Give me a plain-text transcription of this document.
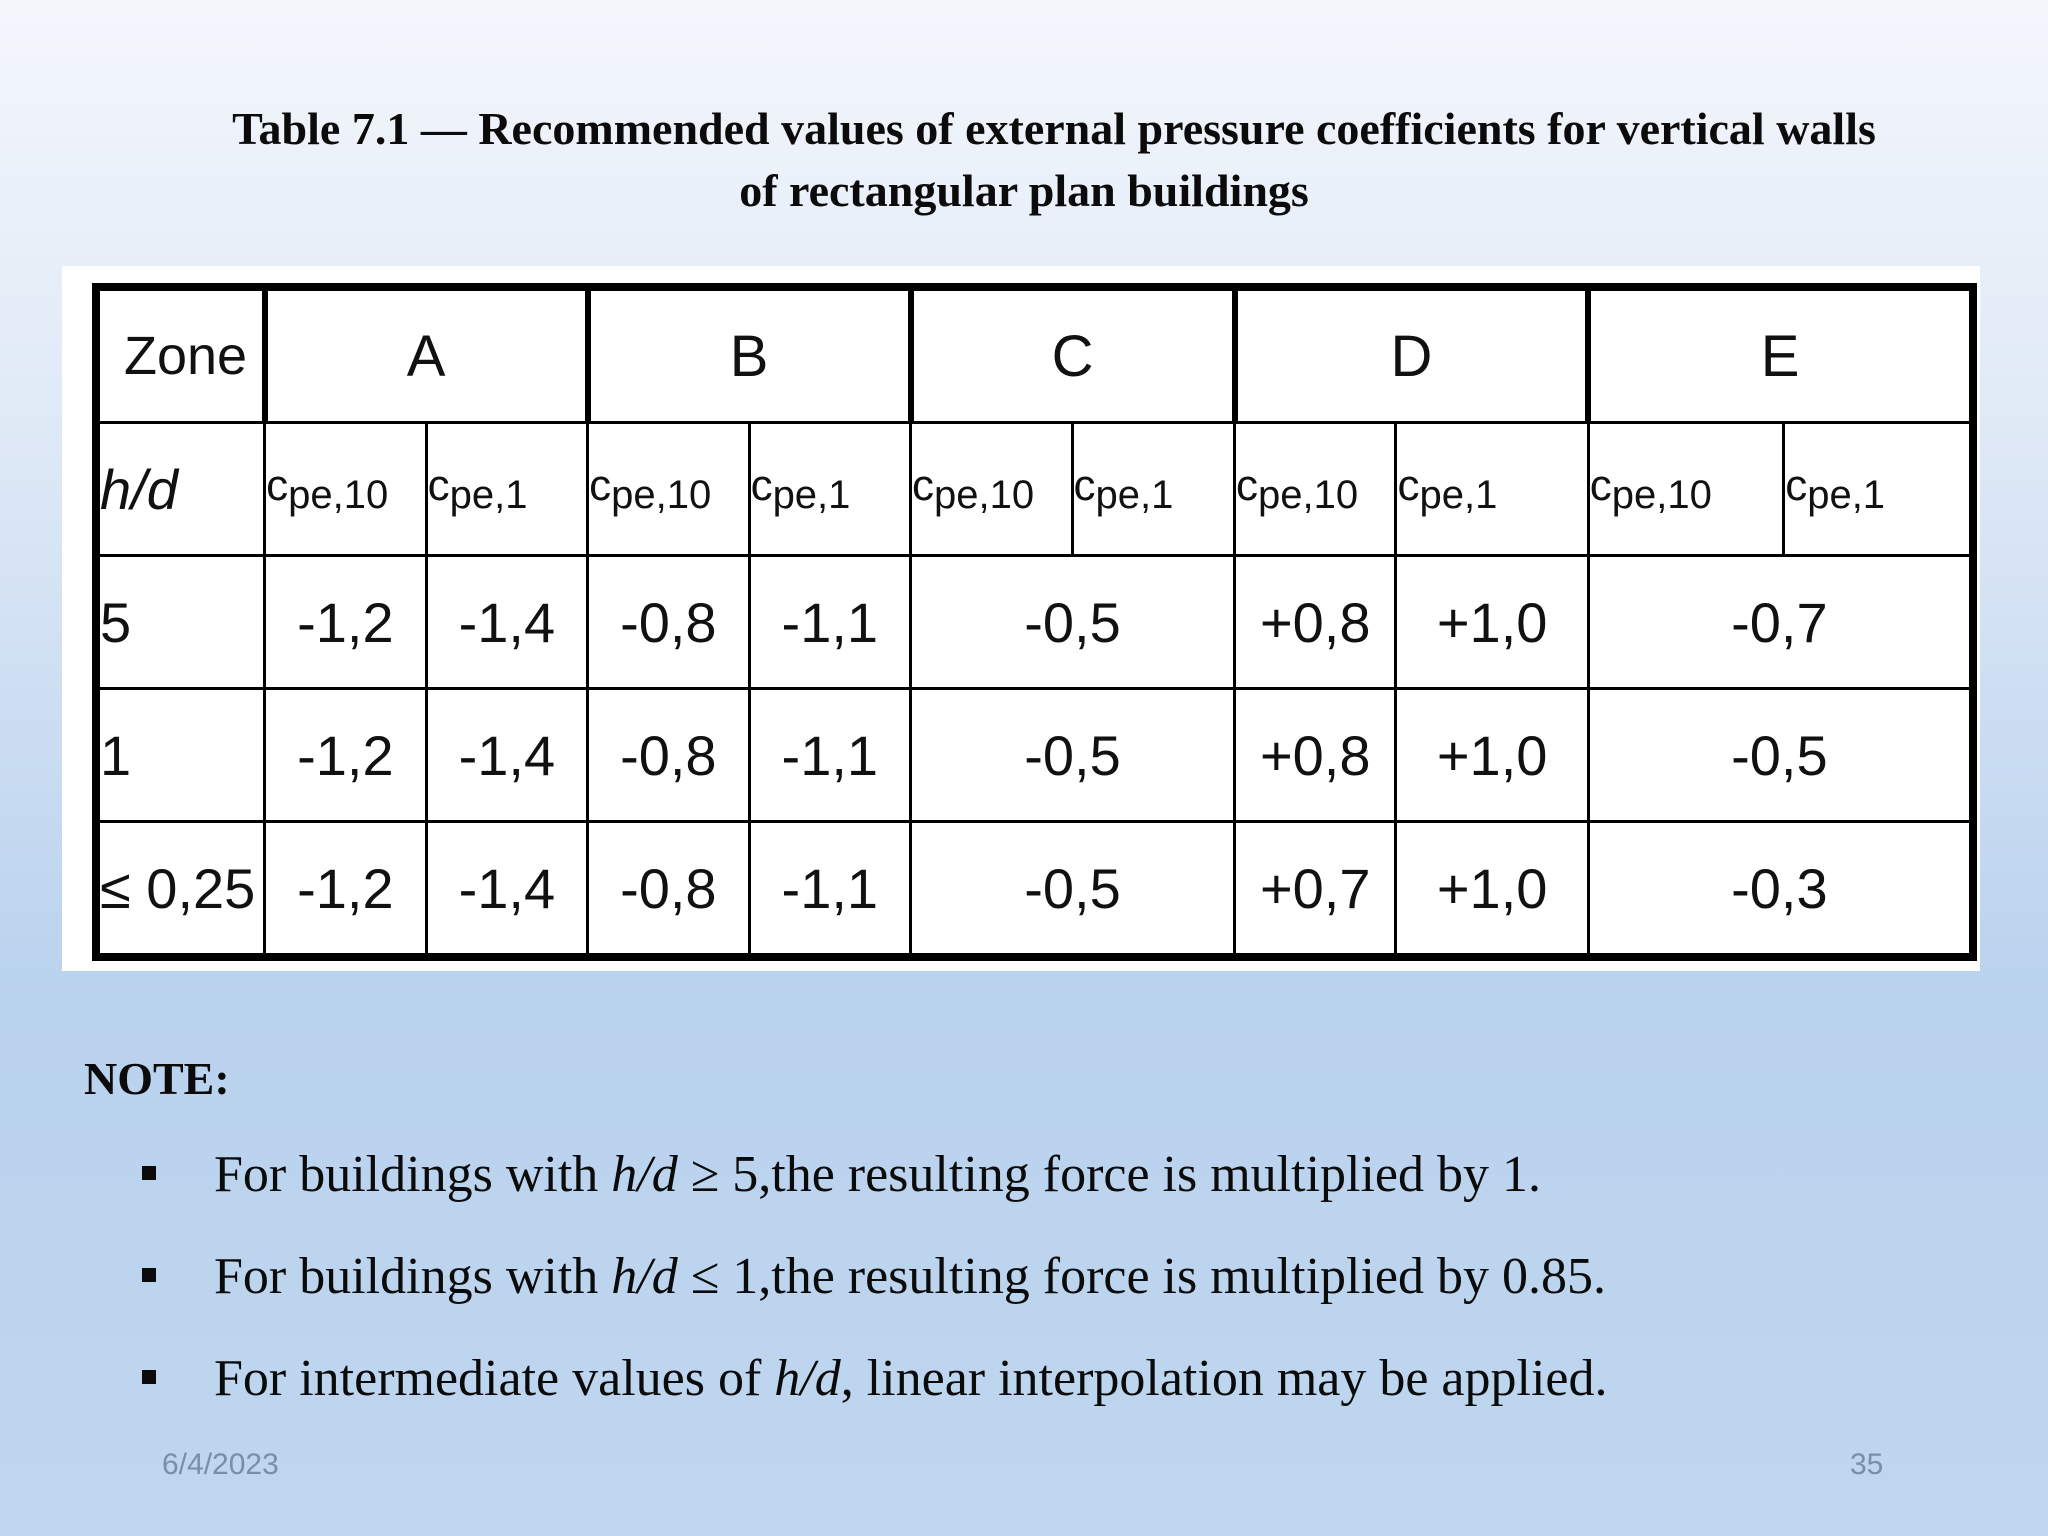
Table 7.1 — Recommended values of external pressure coefficients for vertical walls
of rectangular plan buildings
Zone	A		B		C		D		E	
h/d	$c_{pe,10}$	$c_{pe,1}$	$c_{pe,10}$	$c_{pe,1}$	$c_{pe,10}$	$c_{pe,1}$	$c_{pe,10}$	$c_{pe,1}$	$c_{pe,10}$	$c_{pe,1}$
5	-1,2	-1,4	-0,8	-1,1	-0,5		+0,8	+1,0	-0,7	
1	-1,2	-1,4	-0,8	-1,1	-0,5		+0,8	+1,0	-0,5	
≤ 0,25	-1,2	-1,4	-0,8	-1,1	-0,5		+0,7	+1,0	-0,3	
NOTE:
For buildings with h/d ≥ 5,the resulting force is multiplied by 1.
For buildings with h/d ≤ 1,the resulting force is multiplied by 0.85.
For intermediate values of h/d, linear interpolation may be applied.
6/4/2023	35
